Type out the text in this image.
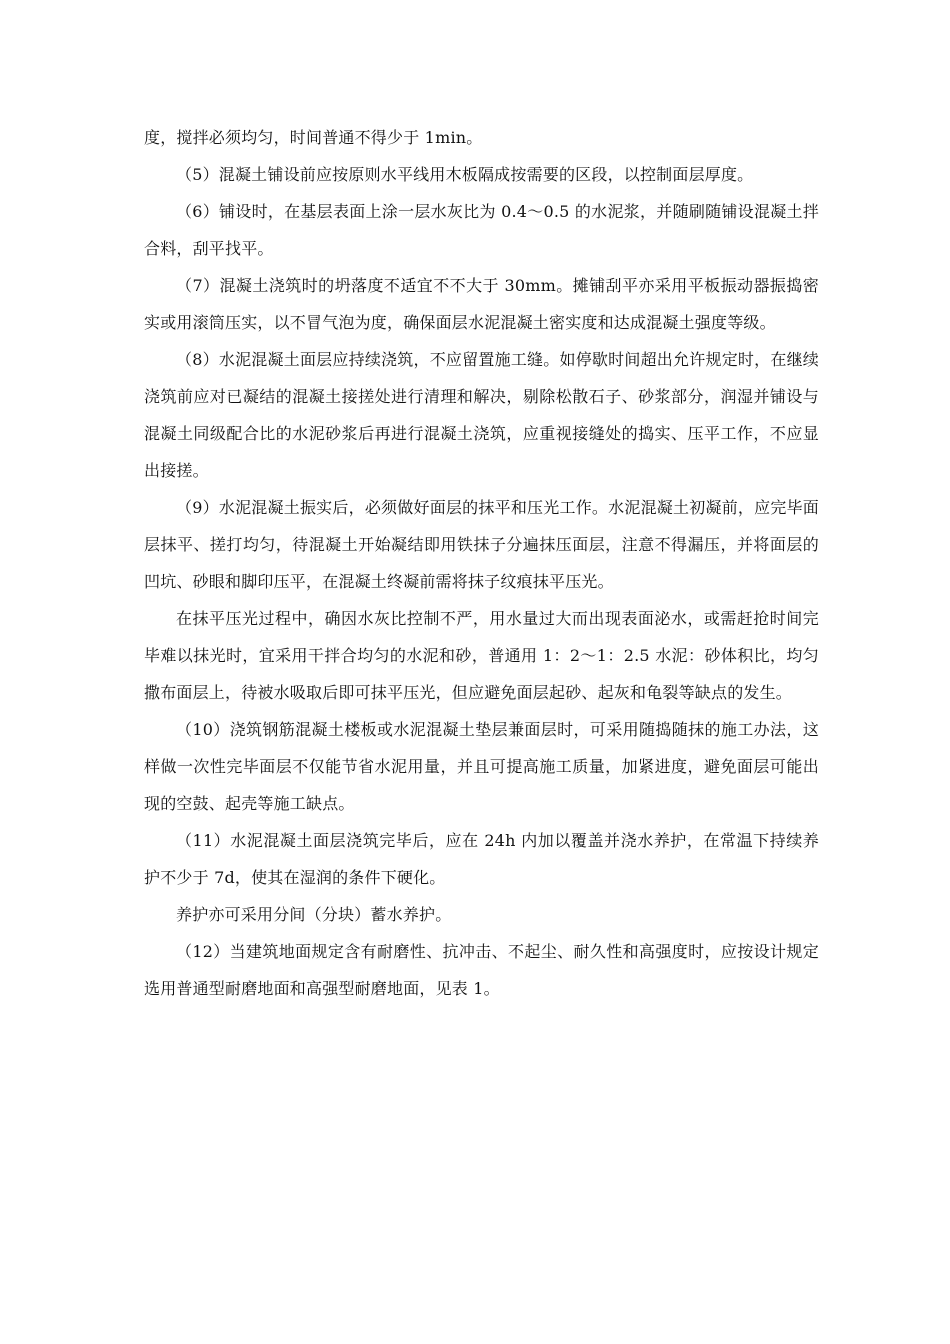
度，搅拌必须均匀，时间普通不得少于 1min。

（5）混凝土铺设前应按原则水平线用木板隔成按需要的区段，以控制面层厚度。

（6）铺设时，在基层表面上涂一层水灰比为 0.4～0.5 的水泥浆，并随刷随铺设混凝土拌合料，刮平找平。

（7）混凝土浇筑时的坍落度不适宜不不大于 30mm。摊铺刮平亦采用平板振动器振捣密实或用滚筒压实，以不冒气泡为度，确保面层水泥混凝土密实度和达成混凝土强度等级。

（8）水泥混凝土面层应持续浇筑，不应留置施工缝。如停歇时间超出允许规定时，在继续浇筑前应对已凝结的混凝土接搓处进行清理和解决，剔除松散石子、砂浆部分，润湿并铺设与混凝土同级配合比的水泥砂浆后再进行混凝土浇筑，应重视接缝处的捣实、压平工作，不应显出接搓。

（9）水泥混凝土振实后，必须做好面层的抹平和压光工作。水泥混凝土初凝前，应完毕面层抹平、搓打均匀，待混凝土开始凝结即用铁抹子分遍抹压面层，注意不得漏压，并将面层的凹坑、砂眼和脚印压平，在混凝土终凝前需将抹子纹痕抹平压光。

在抹平压光过程中，确因水灰比控制不严，用水量过大而出现表面泌水，或需赶抢时间完毕难以抹光时，宜采用干拌合均匀的水泥和砂，普通用 1：2～1：2.5 水泥：砂体积比，均匀撒布面层上，待被水吸取后即可抹平压光，但应避免面层起砂、起灰和龟裂等缺点的发生。

（10）浇筑钢筋混凝土楼板或水泥混凝土垫层兼面层时，可采用随捣随抹的施工办法，这样做一次性完毕面层不仅能节省水泥用量，并且可提高施工质量，加紧进度，避免面层可能出现的空鼓、起壳等施工缺点。

（11）水泥混凝土面层浇筑完毕后，应在 24h 内加以覆盖并浇水养护，在常温下持续养护不少于 7d，使其在湿润的条件下硬化。

养护亦可采用分间（分块）蓄水养护。

（12）当建筑地面规定含有耐磨性、抗冲击、不起尘、耐久性和高强度时，应按设计规定选用普通型耐磨地面和高强型耐磨地面，见表 1。
